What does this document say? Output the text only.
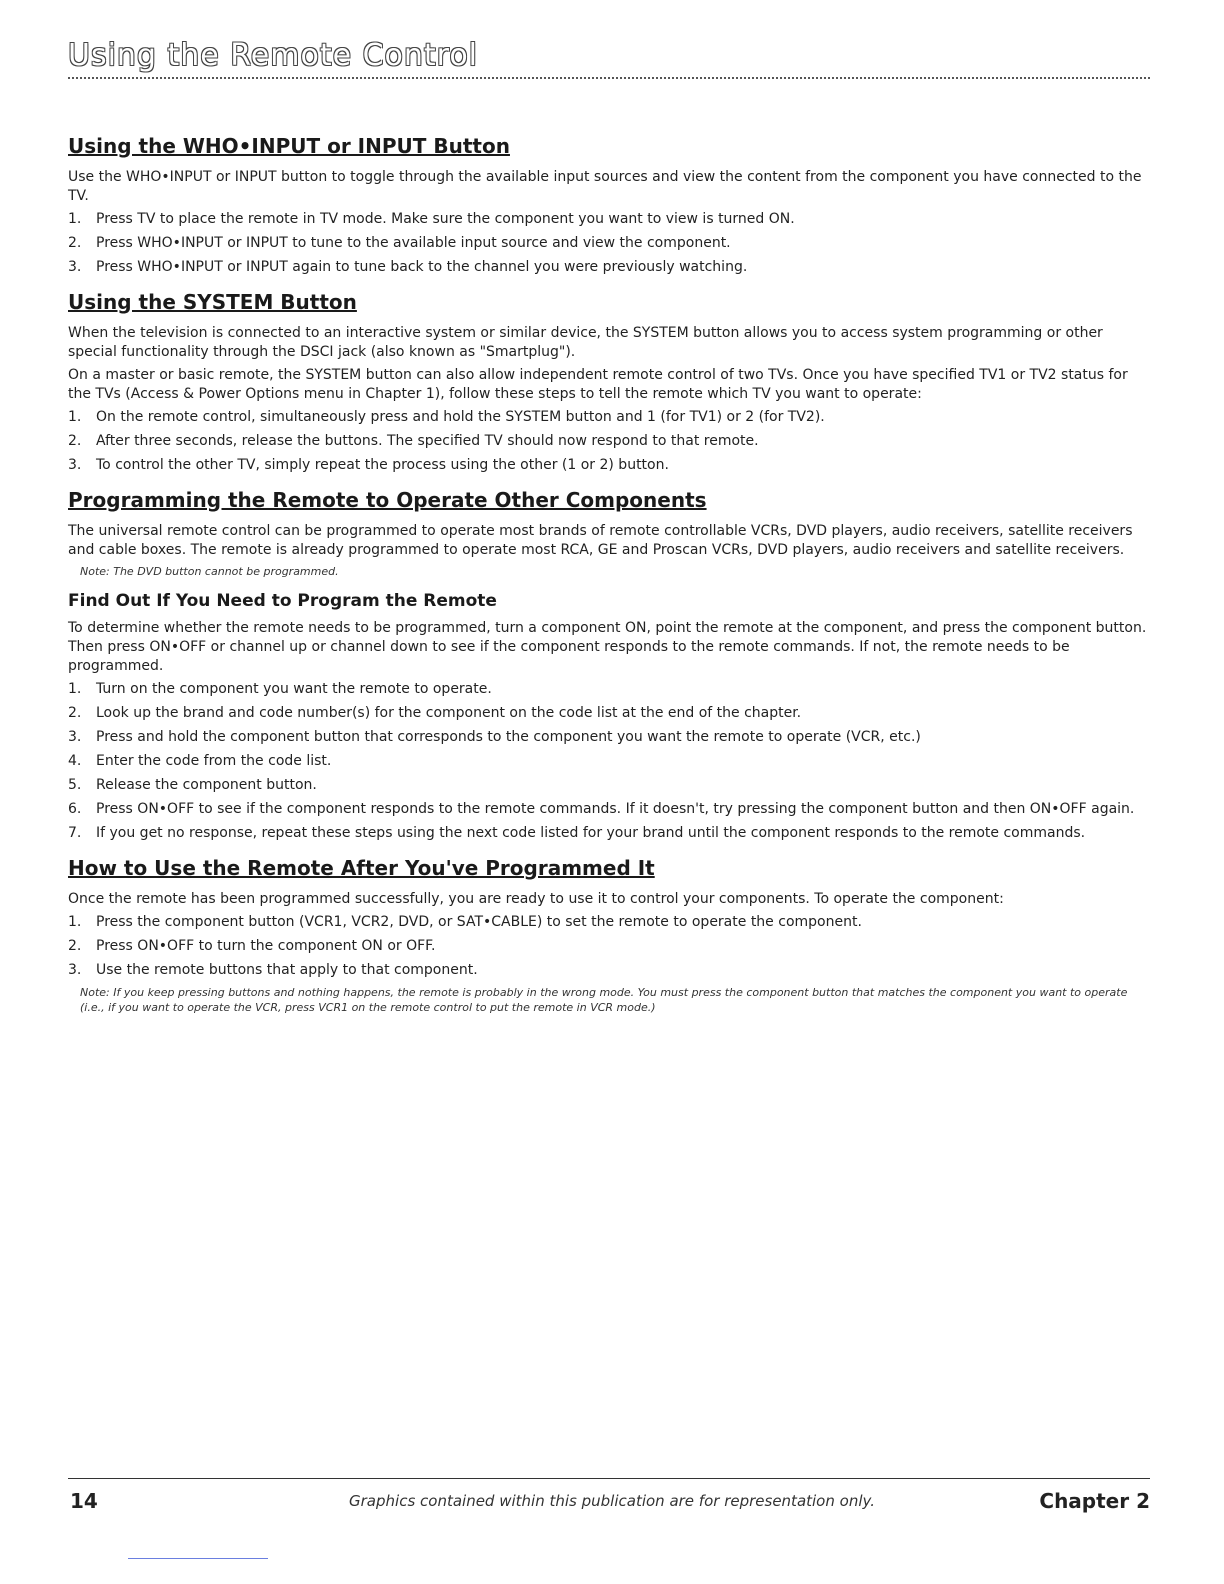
Using the Remote Control
Using the WHO•INPUT or INPUT Button

Use the WHO•INPUT or INPUT button to toggle through the available input sources and view the content from the component you have connected to the TV.

1.	Press TV to place the remote in TV mode. Make sure the component you want to view is turned ON.
2.	Press WHO•INPUT or INPUT to tune to the available input source and view the component.
3.	Press WHO•INPUT or INPUT again to tune back to the channel you were previously watching.
Using the SYSTEM Button

When the television is connected to an interactive system or similar device, the SYSTEM button allows you to access system programming or other special functionality through the DSCI jack (also known as "Smartplug").

On a master or basic remote, the SYSTEM button can also allow independent remote control of two TVs. Once you have specified TV1 or TV2 status for the TVs (Access & Power Options menu in Chapter 1), follow these steps to tell the remote which TV you want to operate:

1.	On the remote control, simultaneously press and hold the SYSTEM button and 1 (for TV1) or 2 (for TV2).
2.	After three seconds, release the buttons. The specified TV should now respond to that remote.
3.	To control the other TV, simply repeat the process using the other (1 or 2) button.
Programming the Remote to Operate Other Components

The universal remote control can be programmed to operate most brands of remote controllable VCRs, DVD players, audio receivers, satellite receivers and cable boxes. The remote is already programmed to operate most RCA, GE and Proscan VCRs, DVD players, audio receivers and satellite receivers.

Note: The DVD button cannot be programmed.

Find Out If You Need to Program the Remote

To determine whether the remote needs to be programmed, turn a component ON, point the remote at the component, and press the component button. Then press ON•OFF or channel up or channel down to see if the component responds to the remote commands. If not, the remote needs to be programmed.

1.	Turn on the component you want the remote to operate.
2.	Look up the brand and code number(s) for the component on the code list at the end of the chapter.
3.	Press and hold the component button that corresponds to the component you want the remote to operate (VCR, etc.)
4.	Enter the code from the code list.
5.	Release the component button.
6.	Press ON•OFF to see if the component responds to the remote commands. If it doesn't, try pressing the component button and then ON•OFF again.
7.	If you get no response, repeat these steps using the next code listed for your brand until the component responds to the remote commands.
How to Use the Remote After You've Programmed It

Once the remote has been programmed successfully, you are ready to use it to control your components. To operate the component:

1.	Press the component button (VCR1, VCR2, DVD, or SAT•CABLE) to set the remote to operate the component.
2.	Press ON•OFF to turn the component ON or OFF.
3.	Use the remote buttons that apply to that component.

Note: If you keep pressing buttons and nothing happens, the remote is probably in the wrong mode. You must press the component button that matches the component you want to operate (i.e., if you want to operate the VCR, press VCR1 on the remote control to put the remote in VCR mode.)

14	Graphics contained within this publication are for representation only.	Chapter 2
